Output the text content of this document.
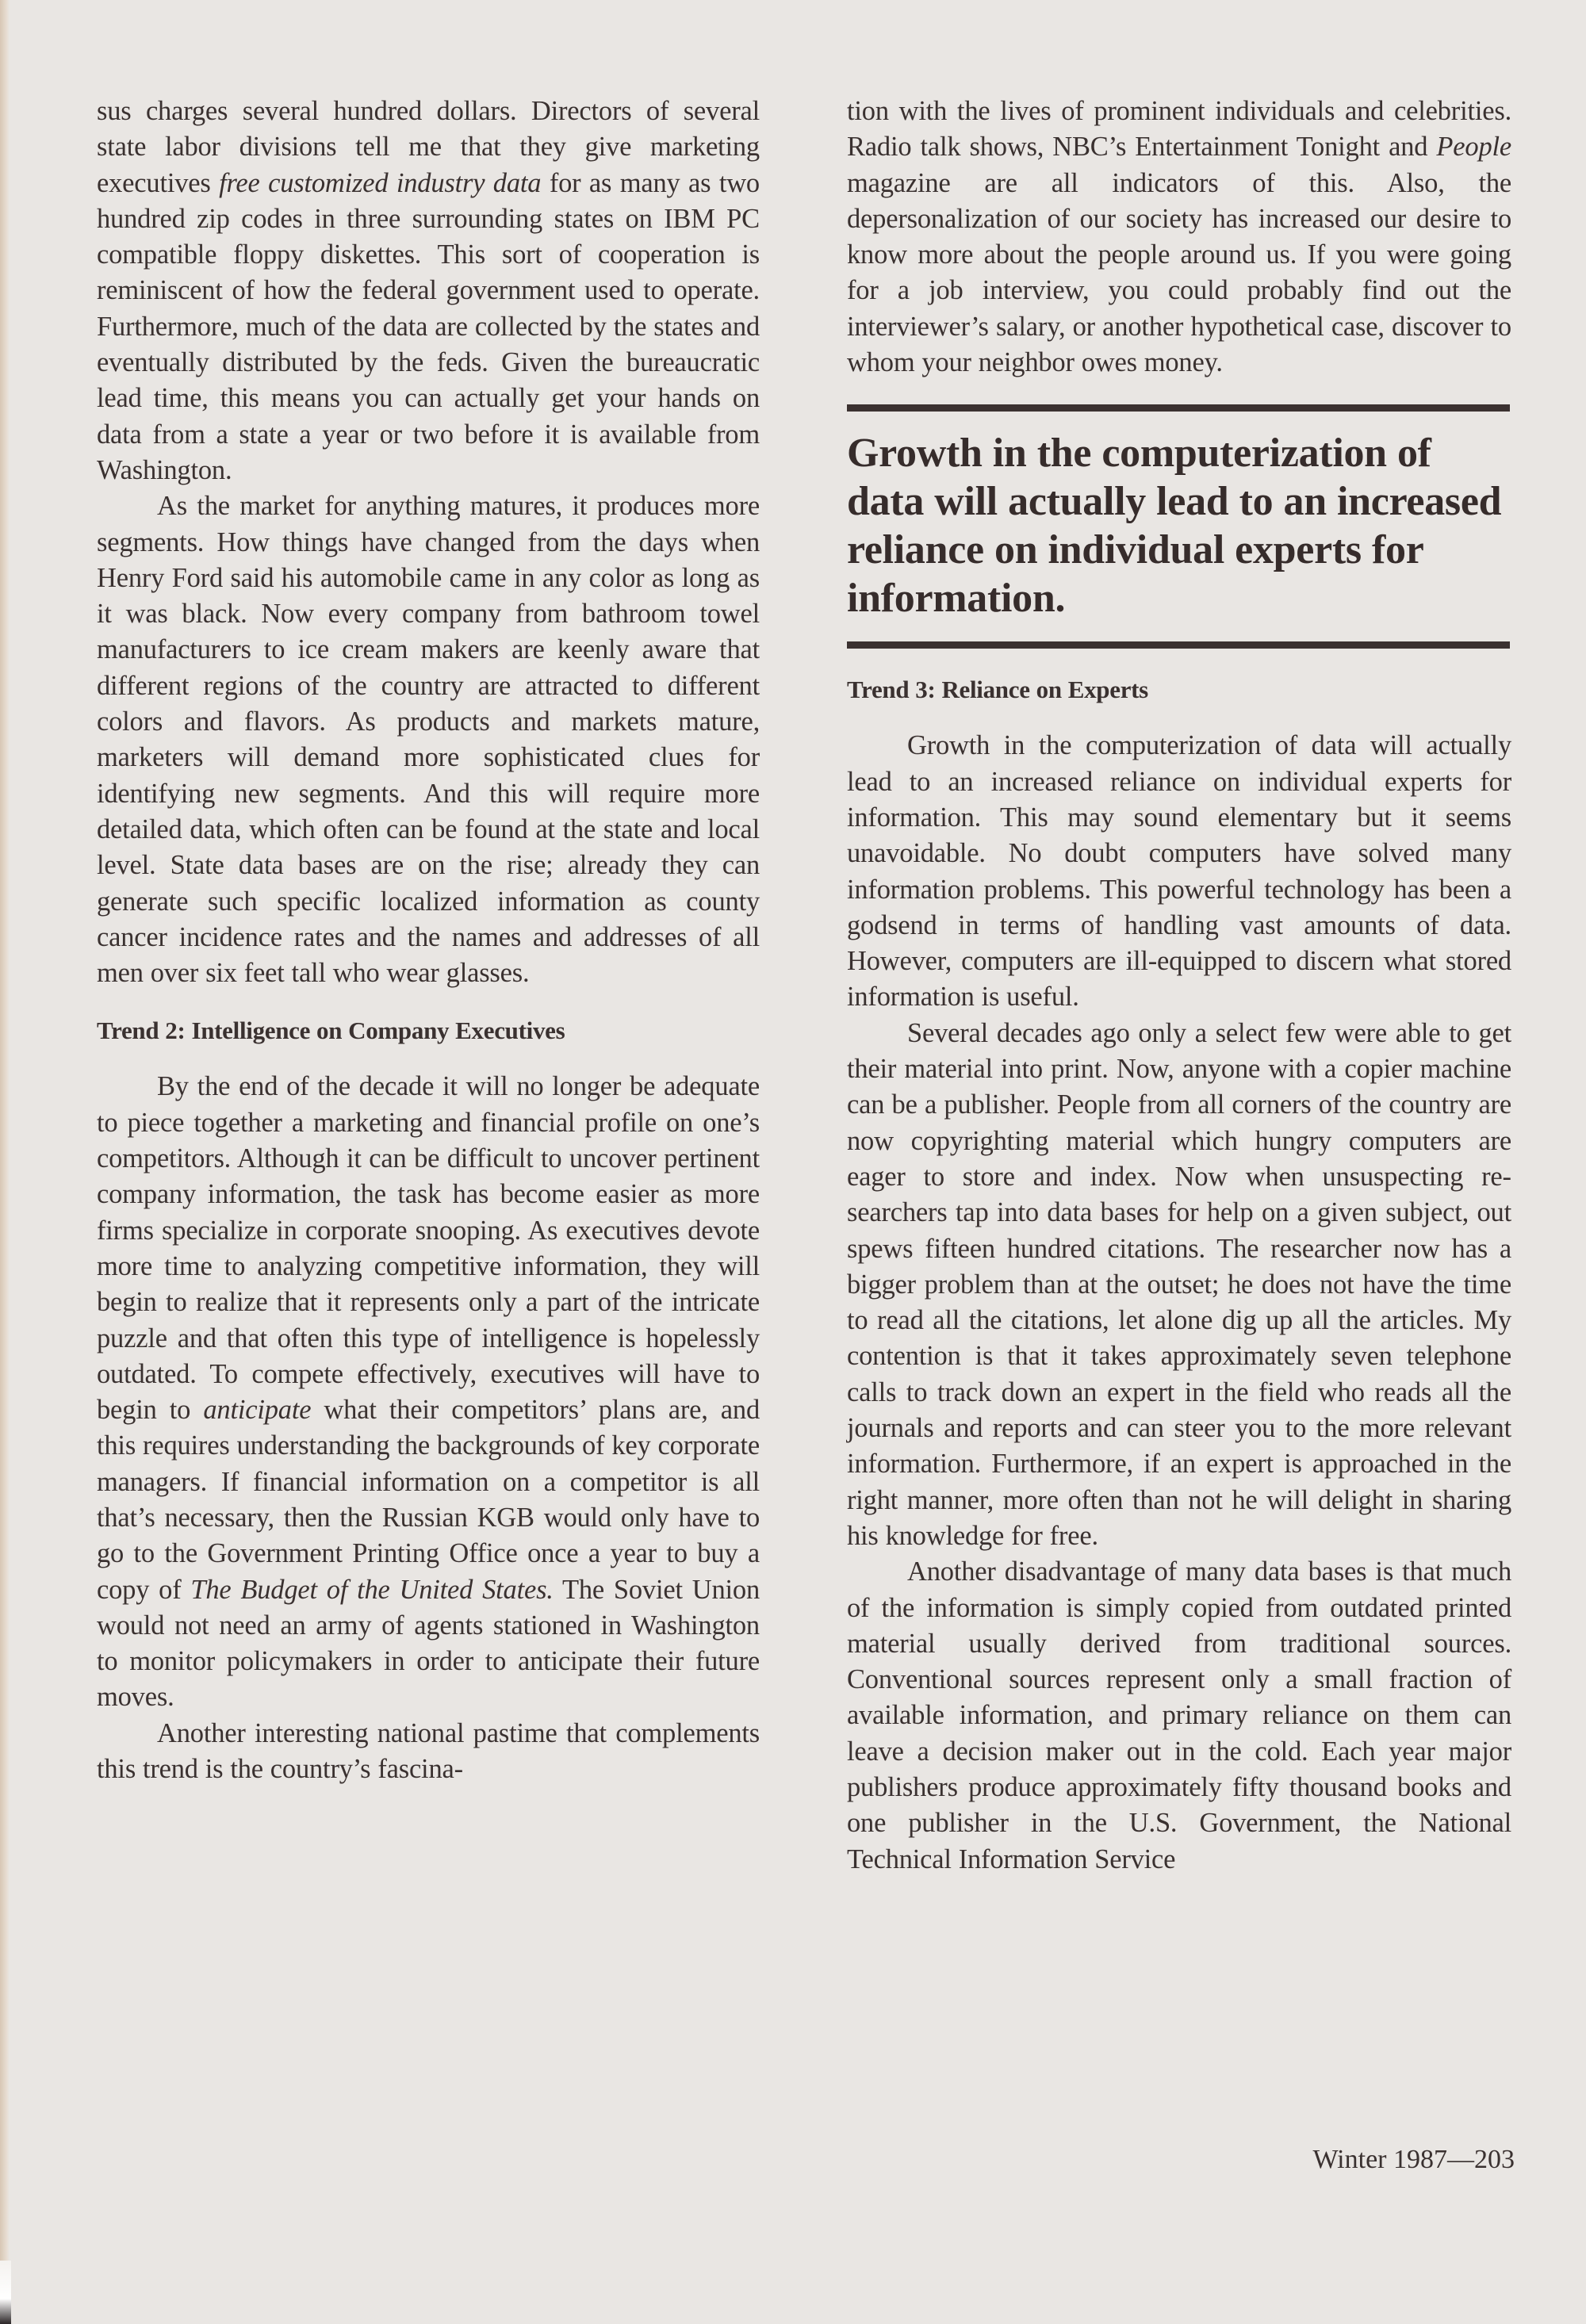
sus charges several hundred dollars. Directors of several state labor divisions tell me that they give marketing executives free customized industry data for as many as two hundred zip codes in three surrounding states on IBM PC compatible floppy diskettes. This sort of cooperation is reminiscent of how the federal government used to operate. Furthermore, much of the data are collected by the states and eventually distributed by the feds. Given the bureaucratic lead time, this means you can actually get your hands on data from a state a year or two before it is available from Washington.

As the market for anything matures, it produces more segments. How things have changed from the days when Henry Ford said his automobile came in any color as long as it was black. Now every company from bathroom towel manufacturers to ice cream makers are keenly aware that different regions of the country are attracted to different colors and flavors. As products and markets mature, marketers will demand more sophisticated clues for identifying new segments. And this will require more detailed data, which often can be found at the state and local level. State data bases are on the rise; already they can generate such specific localized information as county cancer incidence rates and the names and addresses of all men over six feet tall who wear glasses.

Trend 2: Intelligence on Company Executives

By the end of the decade it will no longer be adequate to piece together a marketing and financial profile on one’s competitors. Although it can be difficult to uncover pertinent company information, the task has become easier as more firms specialize in corporate snooping. As executives devote more time to analyzing competitive information, they will begin to realize that it represents only a part of the intricate puzzle and that often this type of intelligence is hopelessly outdated. To compete effectively, executives will have to begin to anticipate what their competitors’ plans are, and this requires understanding the backgrounds of key corporate managers. If financial information on a competitor is all that’s necessary, then the Russian KGB would only have to go to the Government Printing Office once a year to buy a copy of The Budget of the United States. The Soviet Union would not need an army of agents stationed in Washington to monitor policymakers in order to anticipate their future moves.

Another interesting national pastime that complements this trend is the country’s fascina-

tion with the lives of prominent individuals and celebrities. Radio talk shows, NBC’s Entertainment Tonight and People magazine are all indicators of this. Also, the depersonalization of our society has increased our desire to know more about the people around us. If you were going for a job interview, you could probably find out the interviewer’s salary, or another hypothetical case, discover to whom your neighbor owes money.

Growth in the computerization of data will actually lead to an increased reliance on individual experts for information.
Trend 3: Reliance on Experts

Growth in the computerization of data will actually lead to an increased reliance on individual experts for information. This may sound elementary but it seems unavoidable. No doubt computers have solved many information problems. This powerful technology has been a godsend in terms of handling vast amounts of data. However, computers are ill-equipped to discern what stored information is useful.

Several decades ago only a select few were able to get their material into print. Now, anyone with a copier machine can be a publisher. People from all corners of the country are now copyrighting material which hungry computers are eager to store and index. Now when unsuspecting researchers tap into data bases for help on a given subject, out spews fifteen hundred citations. The researcher now has a bigger problem than at the outset; he does not have the time to read all the citations, let alone dig up all the articles. My contention is that it takes approximately seven telephone calls to track down an expert in the field who reads all the journals and reports and can steer you to the more relevant information. Furthermore, if an expert is approached in the right manner, more often than not he will delight in sharing his knowledge for free.

Another disadvantage of many data bases is that much of the information is simply copied from outdated printed material usually derived from traditional sources. Conventional sources represent only a small fraction of available information, and primary reliance on them can leave a decision maker out in the cold. Each year major publishers produce approximately fifty thousand books and one publisher in the U.S. Government, the National Technical Information Service

Winter 1987—203
